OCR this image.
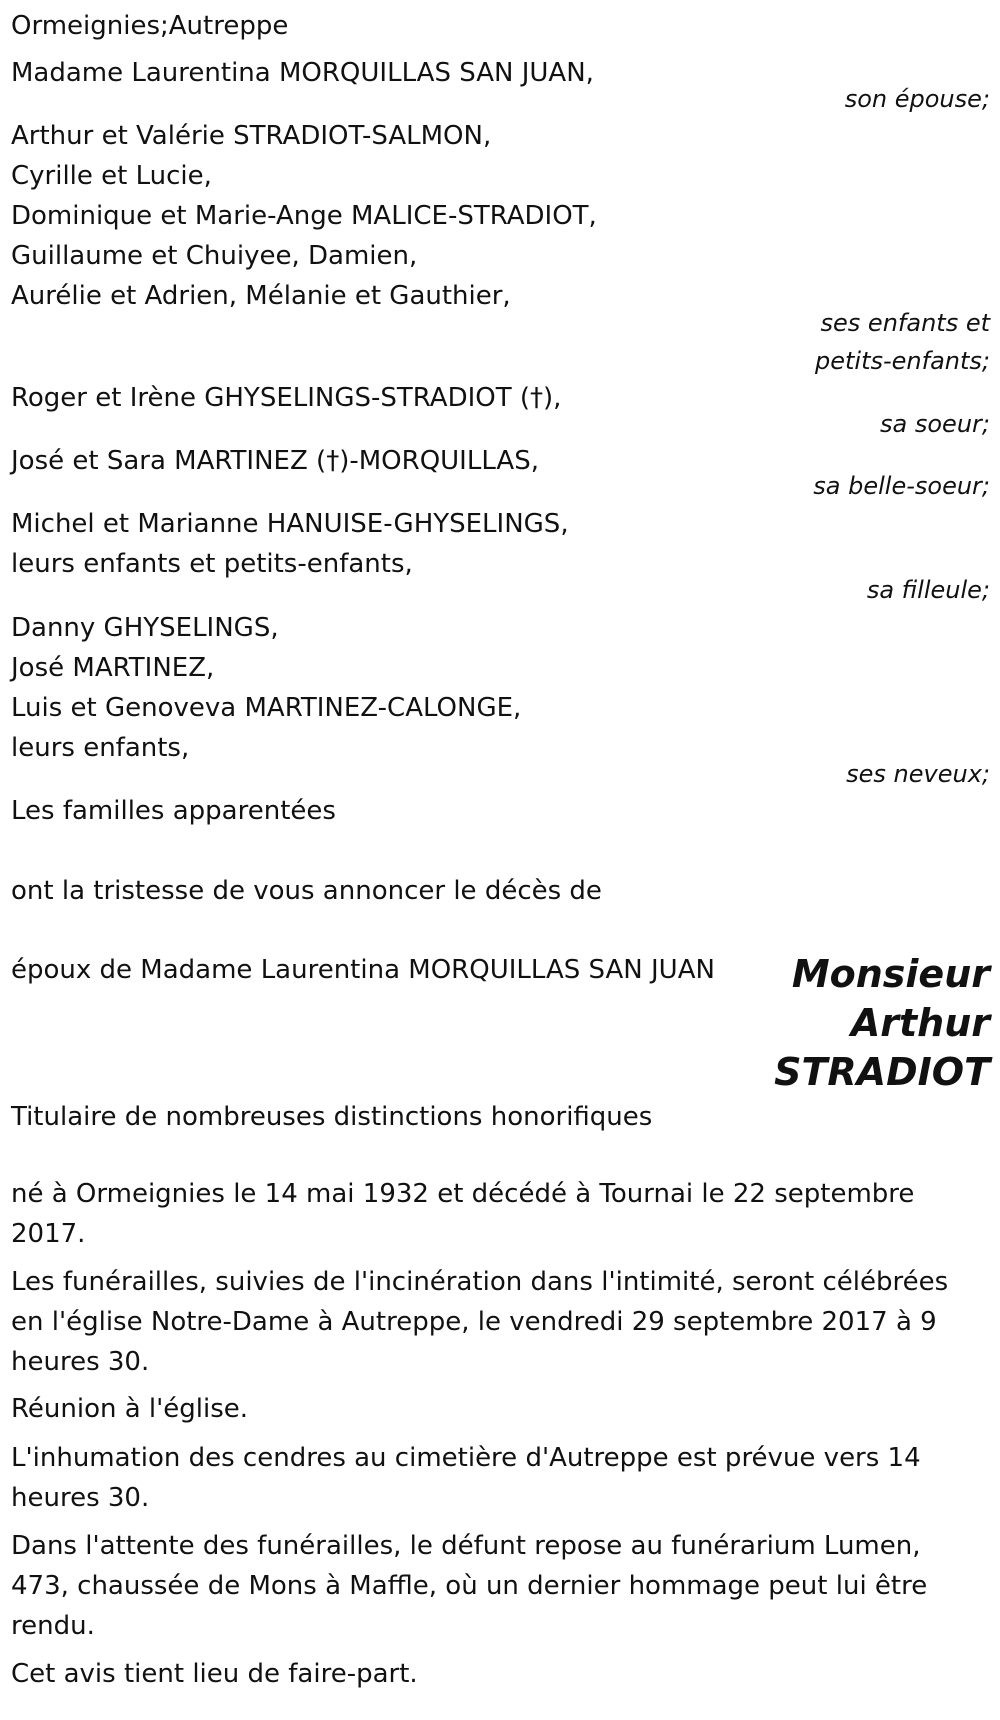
Ormeignies;Autreppe

Madame Laurentina MORQUILLAS SAN JUAN,

son épouse;

Arthur et Valérie STRADIOT-SALMON,

Cyrille et Lucie,

Dominique et Marie-Ange MALICE-STRADIOT,

Guillaume et Chuiyee, Damien,

Aurélie et Adrien, Mélanie et Gauthier,

ses enfants et

petits-enfants;

Roger et Irène GHYSELINGS-STRADIOT (†),

sa soeur;

José et Sara MARTINEZ (†)-MORQUILLAS,

sa belle-soeur;

Michel et Marianne HANUISE-GHYSELINGS,

leurs enfants et petits-enfants,

sa filleule;

Danny GHYSELINGS,

José MARTINEZ,

Luis et Genoveva MARTINEZ-CALONGE,

leurs enfants,

ses neveux;

Les familles apparentées

ont la tristesse de vous annoncer le décès de

époux de Madame Laurentina MORQUILLAS SAN JUAN	Monsieur Arthur STRADIOT

Titulaire de nombreuses distinctions honorifiques

né à Ormeignies le 14 mai 1932 et décédé à Tournai le 22 septembre 2017.

Les funérailles, suivies de l'incinération dans l'intimité, seront célébrées en l'église Notre-Dame à Autreppe, le vendredi 29 septembre 2017 à 9 heures 30.

Réunion à l'église.

L'inhumation des cendres au cimetière d'Autreppe est prévue vers 14 heures 30.

Dans l'attente des funérailles, le défunt repose au funérarium Lumen, 473, chaussée de Mons à Maffle, où un dernier hommage peut lui être rendu.

Cet avis tient lieu de faire-part.
